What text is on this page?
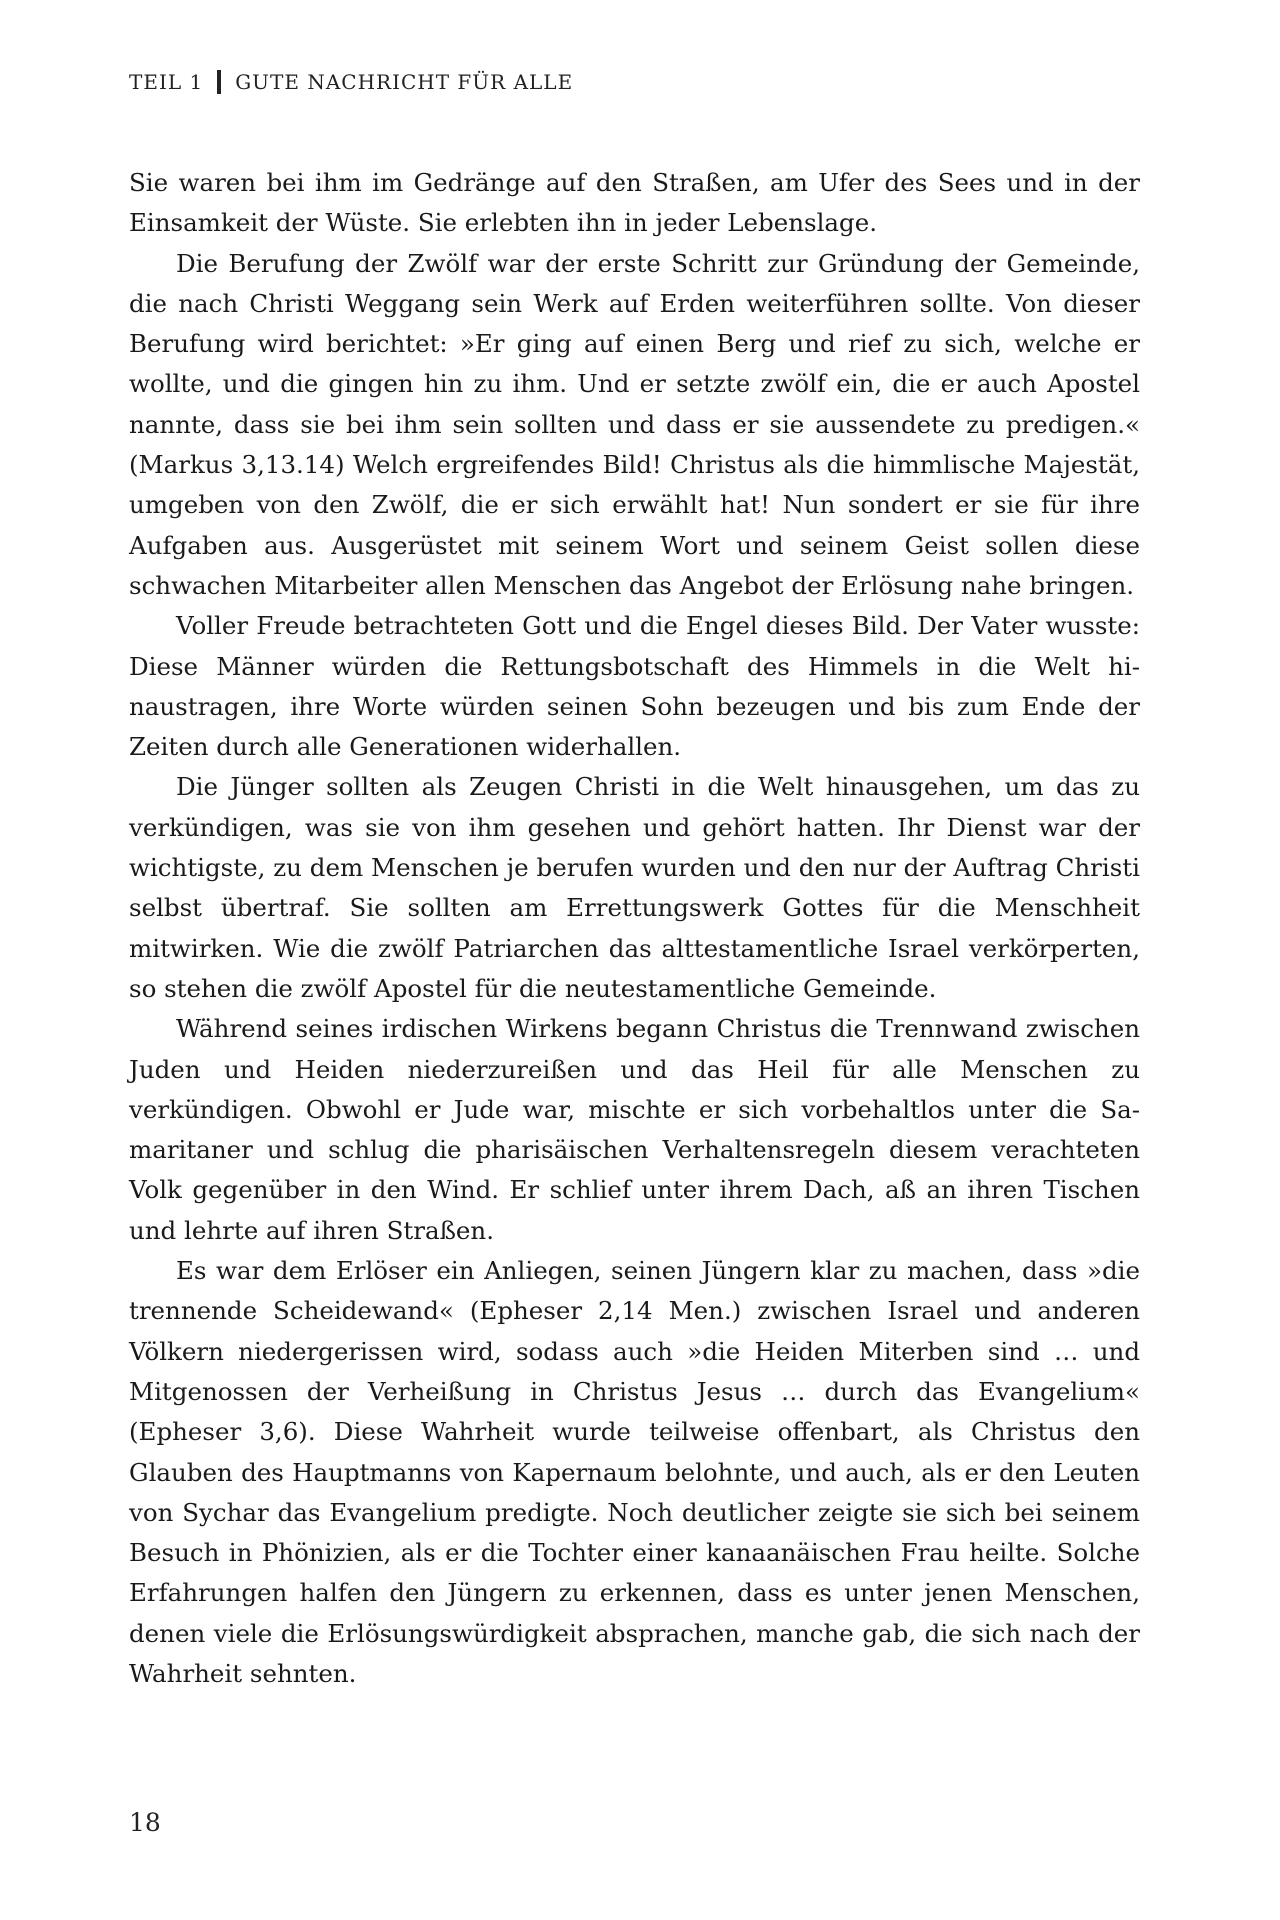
TEIL 1 GUTE NACHRICHT FÜR ALLE

Sie waren bei ihm im Gedränge auf den Straßen, am Ufer des Sees und in der Einsamkeit der Wüste. Sie erlebten ihn in jeder Lebenslage.

Die Berufung der Zwölf war der erste Schritt zur Gründung der Gemeinde, die nach Christi Weggang sein Werk auf Erden weiterführen sollte. Von dieser Berufung wird berichtet: »Er ging auf einen Berg und rief zu sich, welche er wollte, und die gingen hin zu ihm. Und er setzte zwölf ein, die er auch Apostel nannte, dass sie bei ihm sein sollten und dass er sie aussendete zu predigen.« (Markus 3,13.14) Welch ergreifendes Bild! Christus als die himmlische Majestät, umgeben von den Zwölf, die er sich erwählt hat! Nun sondert er sie für ihre Aufgaben aus. Ausgerüstet mit seinem Wort und seinem Geist sollen diese schwachen Mitarbeiter allen Menschen das Angebot der Erlösung nahe bringen.

Voller Freude betrachteten Gott und die Engel dieses Bild. Der Vater wusste: Diese Männer würden die Rettungsbotschaft des Himmels in die Welt hinaustragen, ihre Worte würden seinen Sohn bezeugen und bis zum Ende der Zeiten durch alle Generationen widerhallen.

Die Jünger sollten als Zeugen Christi in die Welt hinausgehen, um das zu verkündigen, was sie von ihm gesehen und gehört hatten. Ihr Dienst war der wichtigste, zu dem Menschen je berufen wurden und den nur der Auftrag Christi selbst übertraf. Sie sollten am Errettungswerk Gottes für die Menschheit mitwirken. Wie die zwölf Patriarchen das alttestamentliche Israel verkörperten, so stehen die zwölf Apostel für die neutestamentliche Gemeinde.

Während seines irdischen Wirkens begann Christus die Trennwand zwischen Juden und Heiden niederzureißen und das Heil für alle Menschen zu verkündigen. Obwohl er Jude war, mischte er sich vorbehaltlos unter die Samaritaner und schlug die pharisäischen Verhaltensregeln diesem verachteten Volk gegenüber in den Wind. Er schlief unter ihrem Dach, aß an ihren Tischen und lehrte auf ihren Straßen.

Es war dem Erlöser ein Anliegen, seinen Jüngern klar zu machen, dass »die trennende Scheidewand« (Epheser 2,14 Men.) zwischen Israel und anderen Völkern niedergerissen wird, sodass auch »die Heiden Miterben sind … und Mitgenossen der Verheißung in Christus Jesus … durch das Evangelium« (Epheser 3,6). Diese Wahrheit wurde teilweise offenbart, als Christus den Glauben des Hauptmanns von Kapernaum belohnte, und auch, als er den Leuten von Sychar das Evangelium predigte. Noch deutlicher zeigte sie sich bei seinem Besuch in Phönizien, als er die Tochter einer kanaanäischen Frau heilte. Solche Erfahrungen halfen den Jüngern zu erkennen, dass es unter jenen Menschen, denen viele die Erlösungswürdigkeit absprachen, manche gab, die sich nach der Wahrheit sehnten.

18
